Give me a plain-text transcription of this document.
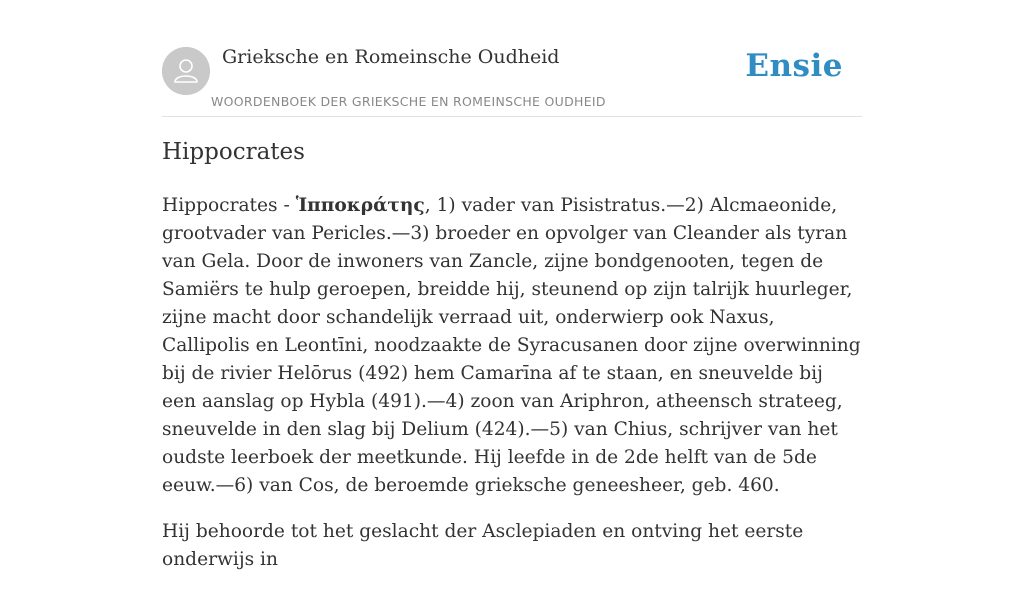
Grieksche en Romeinsche Oudheid
WOORDENBOEK DER GRIEKSCHE EN ROMEINSCHE OUDHEID
Ensie
Hippocrates

Hippocrates - Ἱπποκράτης, 1) vader van Pisistratus.—2) Alcmaeonide, grootvader van Pericles.—3) broeder en opvolger van Cleander als tyran van Gela. Door de inwoners van Zancle, zijne bondgenooten, tegen de Samiërs te hulp geroepen, breidde hij, steunend op zijn talrijk huurleger, zijne macht door schandelijk verraad uit, onderwierp ook Naxus, Callipolis en Leontīni, noodzaakte de Syracusanen door zijne overwinning bij de rivier Helōrus (492) hem Camarīna af te staan, en sneuvelde bij een aanslag op Hybla (491).—4) zoon van Ariphron, atheensch strateeg, sneuvelde in den slag bij Delium (424).—5) van Chius, schrijver van het oudste leerboek der meetkunde. Hij leefde in de 2de helft van de 5de eeuw.—6) van Cos, de beroemde grieksche geneesheer, geb. 460.

Hij behoorde tot het geslacht der Asclepiaden en ontving het eerste onderwijs in
